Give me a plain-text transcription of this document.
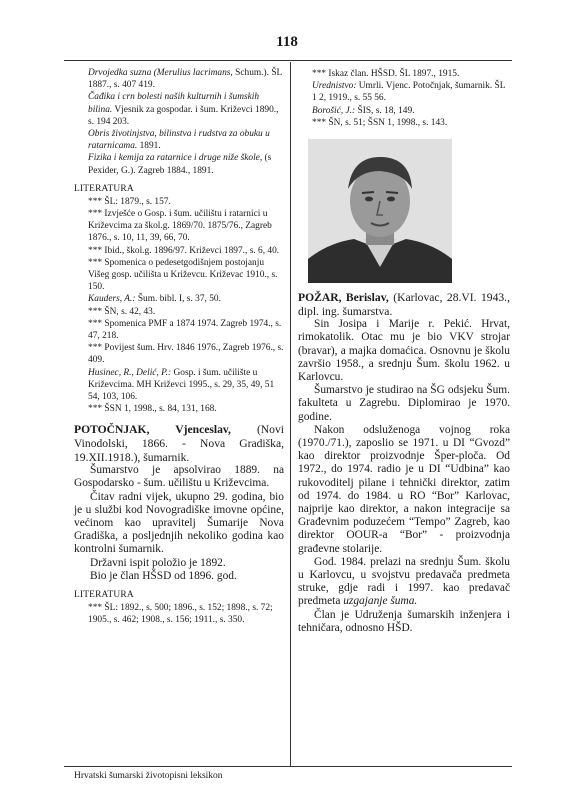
118

Drvojedka suzna (Merulius lacrimans, Schum.). ŠL 1887., s. 407 419.

Čađika i crn bolesti naših kulturnih i šumskih bilina. Vjesnik za gospodar. i šum. Križevci 1890., s. 194 203.

Obris životinjstva, bilinstva i rudstva za obuku u ratarnicama. 1891.

Fizika i kemija za ratarnice i druge niže škole, (s Pexider, G.). Zagreb 1884., 1891.

LITERATURA

*** ŠL: 1879., s. 157.

*** Izvješće o Gosp. i šum. učilištu i ratarnici u Križevcima za škol.g. 1869/70. 1875/76., Zagreb 1876., s. 10, 11, 39, 66, 70.

*** Ibid., škol.g. 1896/97. Križevci 1897., s. 6, 40.

*** Spomenica o pedesetgodišnjem postojanju Višeg gosp. učilišta u Križevcu. Križevac 1910., s. 150.

Kauders, A.: Šum. bibl. I, s. 37, 50.

*** ŠN, s. 42, 43.

*** Spomenica PMF a 1874 1974. Zagreb 1974., s. 47, 218.

*** Povijest šum. Hrv. 1846 1976., Zagreb 1976., s. 409.

Husinec, R., Delić, P.: Gosp. i šum. učilište u Križevcima. MH Križevci 1995., s. 29, 35, 49, 51 54, 103, 106.

*** ŠSN 1, 1998., s. 84, 131, 168.

POTOČNJAK, Vjenceslav, (Novi Vinodolski, 1866. - Nova Gradiška, 19.XII.1918.), šumarnik.

Šumarstvo je apsolvirao 1889. na Gospodarsko - šum. učilištu u Križevcima.

Čitav radni vijek, ukupno 29. godina, bio je u službi kod Novogradiške imovne općine, većinom kao upravitelj Šumarije Nova Gradiška, a posljednjih nekoliko godina kao kontrolni šumarnik.

Državni ispit položio je 1892.

Bio je član HŠSD od 1896. god.

LITERATURA

*** ŠL: 1892., s. 500; 1896., s. 152; 1898., s. 72; 1905., s. 462; 1908., s. 156; 1911., s. 350.

*** Iskaz član. HŠSD. ŠL 1897., 1915.

Urednistvo: Umrli. Vjenc. Potočnjak, šumarnik. ŠL 1 2, 1919., s. 55 56.

Borošić, J.: ŠIS, s. 18, 149.

*** ŠN, s. 51; ŠSN 1, 1998., s. 143.

POŽAR, Berislav, (Karlovac, 28.VI. 1943., dipl. ing. šumarstva.

Sin Josipa i Marije r. Pekić. Hrvat, rimokatolik. Otac mu je bio VKV strojar (bravar), a majka domaćica. Osnovnu je školu završio 1958., a srednju Šum. školu 1962. u Karlovcu.

Šumarstvo je studirao na ŠG odsjeku Šum. fakulteta u Zagrebu. Diplomirao je 1970. godine.

Nakon odsluženoga vojnog roka (1970./71.), zaposlio se 1971. u DI “Gvozd” kao direktor proizvodnje Šper-ploča. Od 1972., do 1974. radio je u DI “Udbina” kao rukovoditelj pilane i tehnički direktor, zatim od 1974. do 1984. u RO “Bor” Karlovac, najprije kao direktor, a nakon integracije sa Građevnim poduzećem “Tempo” Zagreb, kao direktor OOUR-a “Bor” - proizvodnja građevne stolarije.

God. 1984. prelazi na srednju Šum. školu u Karlovcu, u svojstvu predavača predmeta struke, gdje radi i 1997. kao predavač predmeta uzgajanje šuma.

Član je Udruženja šumarskih inženjera i tehničara, odnosno HŠD.

Hrvatski šumarski životopisni leksikon
